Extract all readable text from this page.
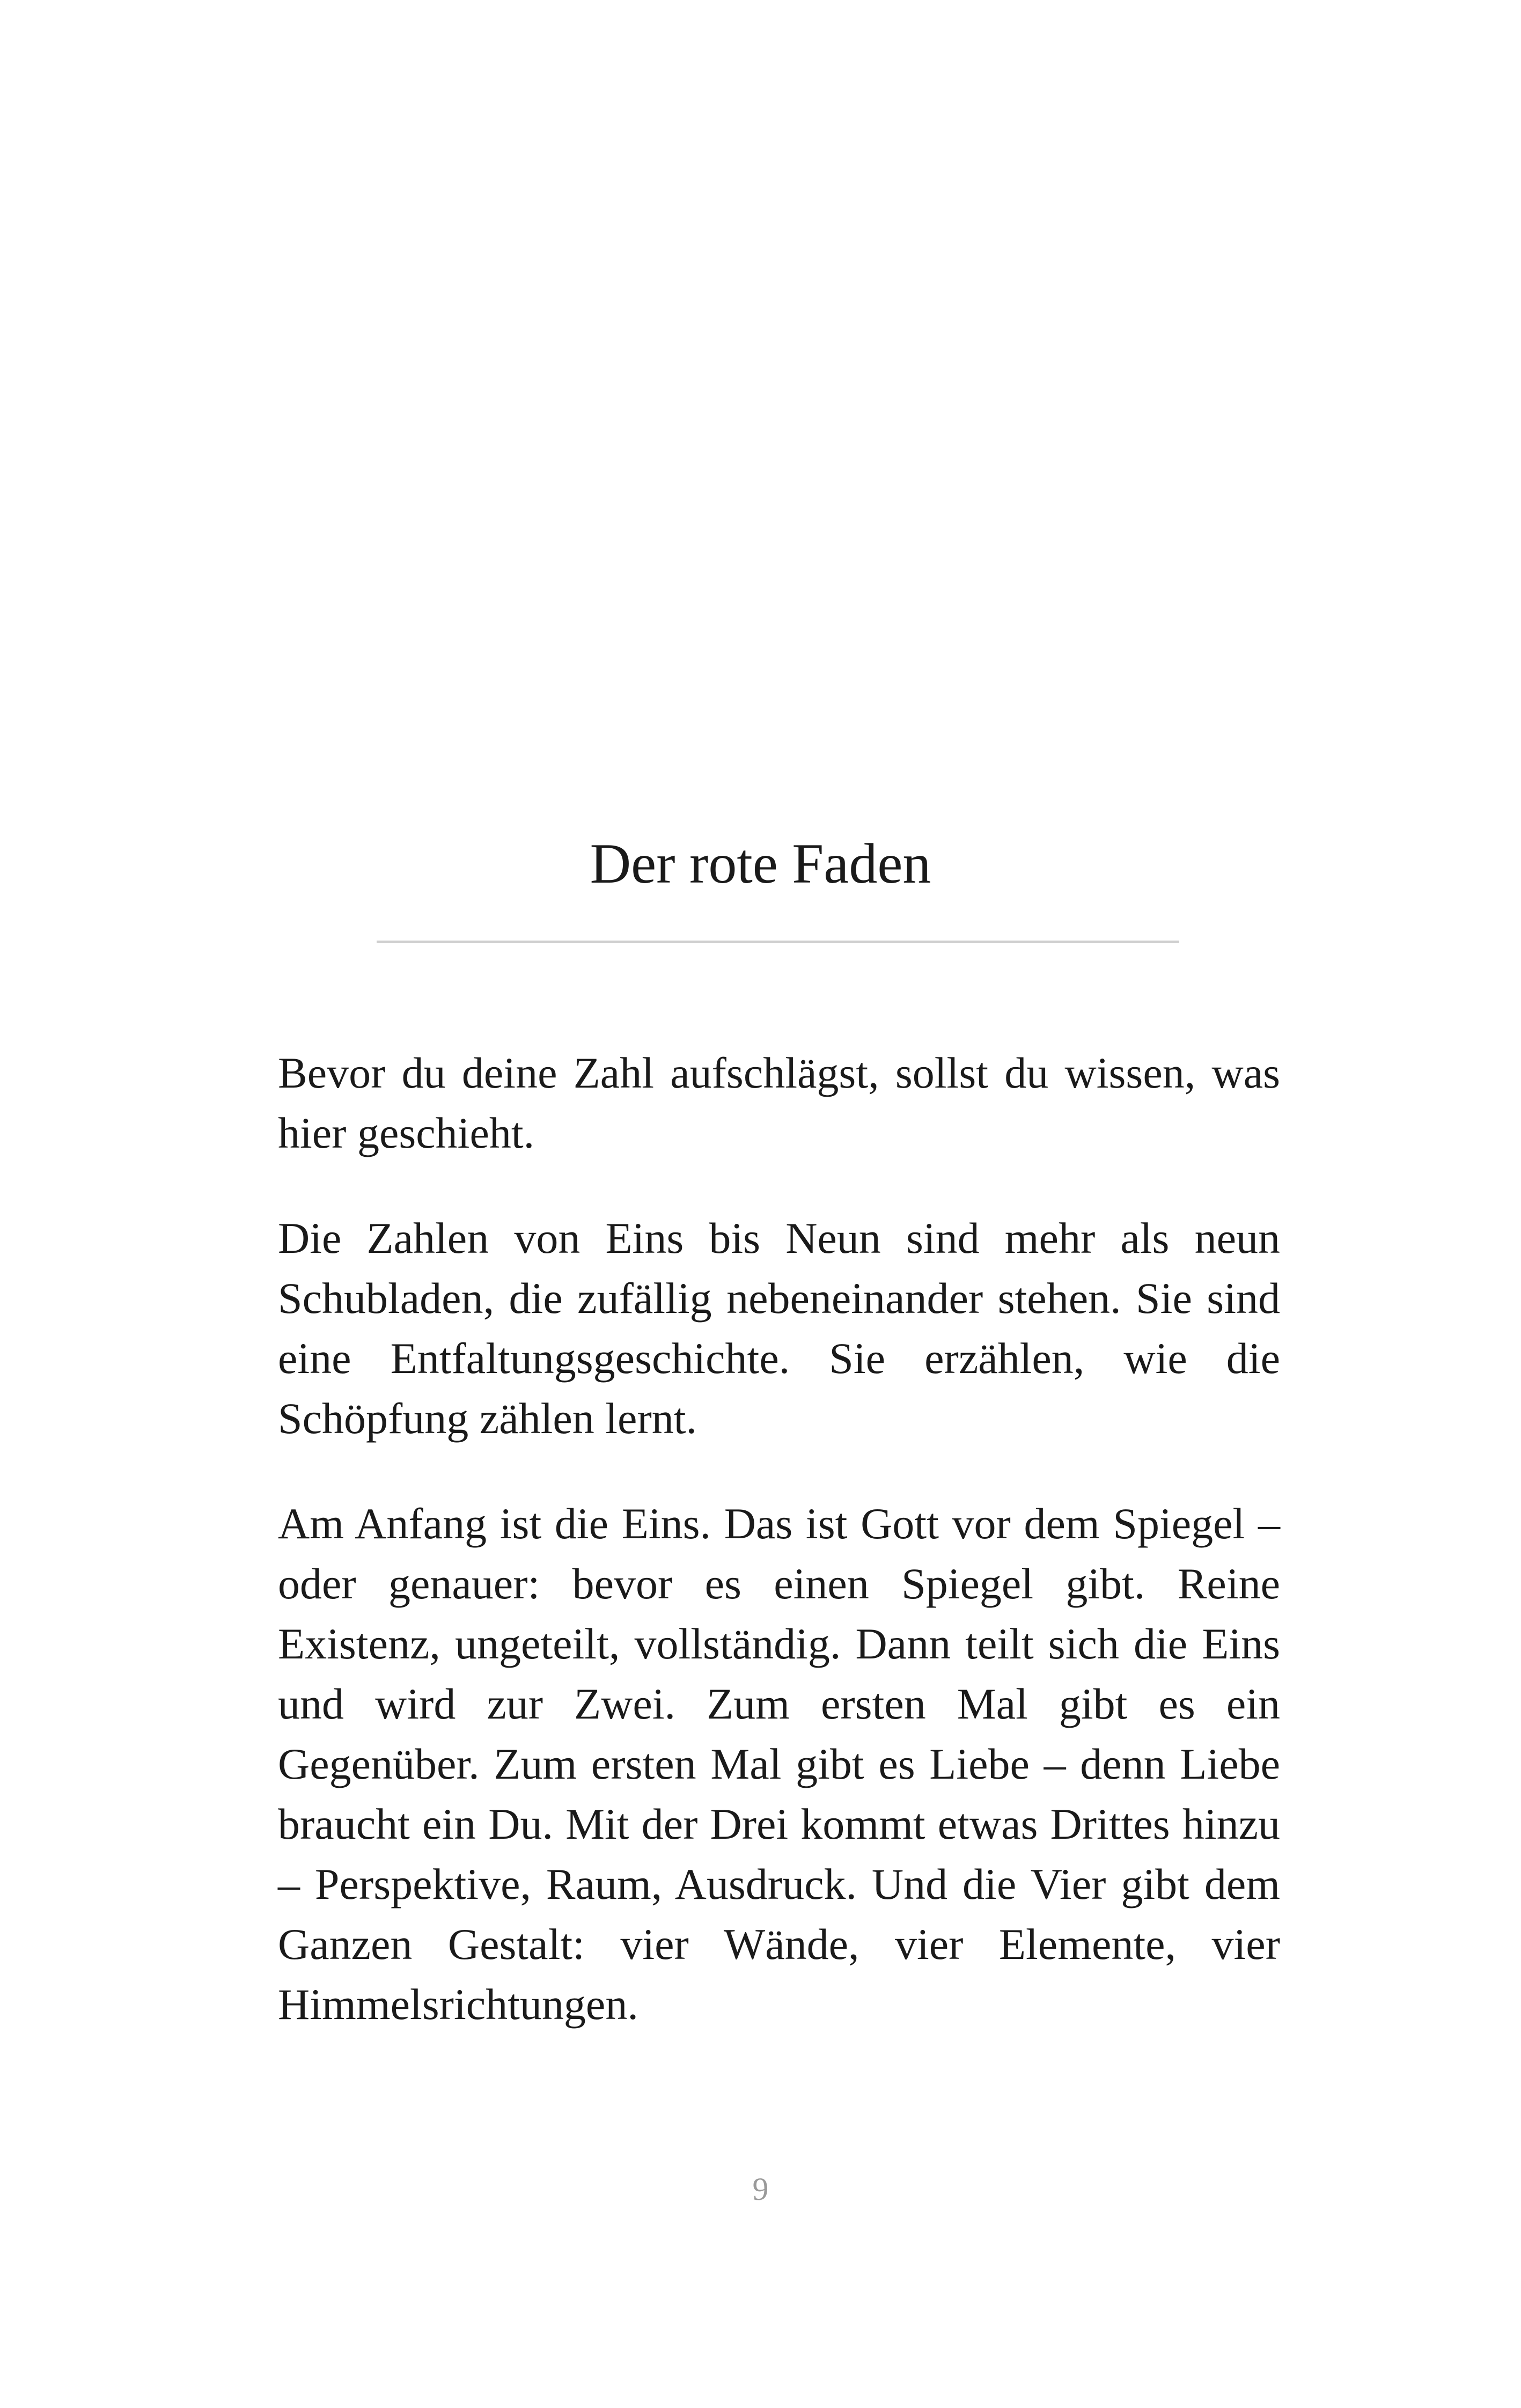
Der rote Faden

Bevor du deine Zahl aufschlägst, sollst du wissen, was hier geschieht.

Die Zahlen von Eins bis Neun sind mehr als neun Schubladen, die zufällig nebeneinander stehen. Sie sind eine Entfaltungsgeschichte. Sie erzählen, wie die Schöpfung zählen lernt.

Am Anfang ist die Eins. Das ist Gott vor dem Spiegel – oder genauer: bevor es einen Spiegel gibt. Reine Existenz, ungeteilt, vollständig. Dann teilt sich die Eins und wird zur Zwei. Zum ersten Mal gibt es ein Gegenüber. Zum ersten Mal gibt es Liebe – denn Liebe braucht ein Du. Mit der Drei kommt etwas Drittes hinzu – Perspektive, Raum, Ausdruck. Und die Vier gibt dem Ganzen Gestalt: vier Wände, vier Elemente, vier Himmelsrichtungen.

9
